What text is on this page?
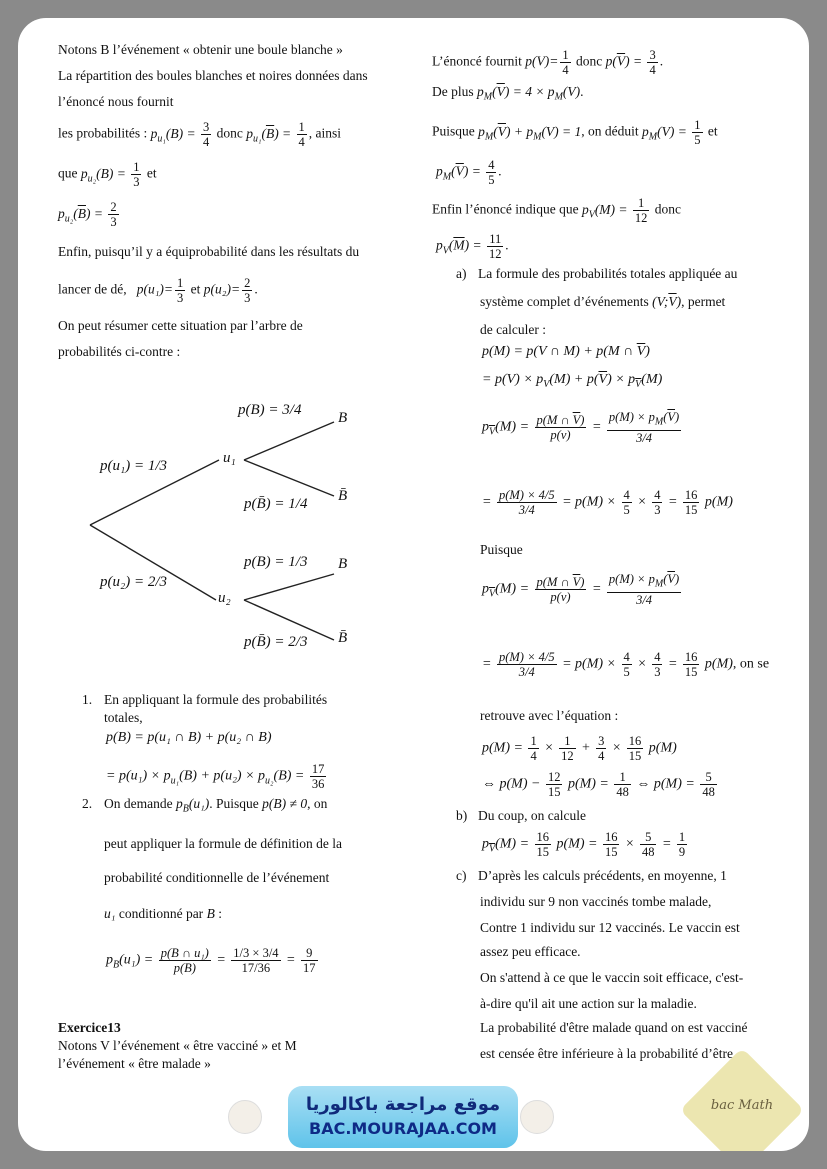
Notons B l’événement « obtenir une boule blanche »
La répartition des boules blanches et noires données dans
l’énoncé nous fournit
les probabilités : $p_{u_1}(B) = \frac{3}{4}$ donc $p_{u_1}(\overline{B}) = \frac{1}{4}$ , ainsi
que $p_{u_2}(B) = \frac{1}{3}$ et
$p_{u_2}(\overline{B}) = \frac{2}{3}$
Enfin, puisqu’il y a équiprobabilité dans les résultats du
lancer de dé, $p(u_1)= \frac{1}{3}$ et $p(u_2)= \frac{2}{3}$ .
On peut résumer cette situation par l’arbre de
probabilités ci-contre :
p(u₁) = 1/3
p(u₂) = 2/3
u₁
u₂
p(B) = 3/4
p(B̄) = 1/4
p(B) = 1/3
p(B̄) = 2/3
B
B̄
B
B̄
1. En appliquant la formule des probabilités
totales,
p(B) = p(u₁ ∩ B) + p(u₂ ∩ B)
= $p(u_1) \times p_{u_1}(B) + p(u_2) \times p_{u_2}(B) = \frac{17}{36}$
2. On demande $p_B(u_1)$. Puisque p(B) ≠ 0, on
peut appliquer la formule de définition de la
probabilité conditionnelle de l’événement
u₁ conditionné par B :
$p_B(u_1) = \frac{\text{p(B ∩ u₁)}}{p(B)} = \frac{1/3 \times 3/4}{17/36} = \frac{9}{17}$
Exercice13
Notons V l’événement « être vacciné » et M
l’événement « être malade »
L’énoncé fournit $p(V)= \frac{1}{4}$ donc $p(\overline{V}) = \frac{3}{4}$ .
De plus $p_M(\overline{V}) = 4 \times p_M(V)$.
Puisque $p_M(\overline{V}) + p_M(V) = 1$, on déduit $p_M(V) = \frac{1}{5}$ et
$p_M(\overline{V}) = \frac{4}{5}$ .
Enfin l’énoncé indique que $p_V(M) = \frac{1}{12}$ donc
$p_V(\overline{M}) = \frac{11}{12}$ .
a) La formule des probabilités totales appliquée au
système complet d’événements $(V;\overline{V})$, permet
de calculer :
p(M) = p(V ∩ M) + p(M ∩ $\overline{V}$)
= $p(V) \times p_V(M) + p(\overline{V}) \times p_{\overline{V}}(M)$
$p_{\overline{V}}(M) = \frac{p(M \cap \overline{V})}{p(\overline{v})} = \frac{p(M) \times p_M(\overline{V})}{3/4}$
= $\frac{p(M) \times 4/5}{3/4} = p(M) \times \frac{4}{5} \times \frac{4}{3} = \frac{16}{15} p(M)$
Puisque
$p_{\overline{V}}(M) = \frac{p(M \cap \overline{V})}{p(\overline{v})} = \frac{p(M) \times p_M(\overline{V})}{3/4}$
= $\frac{p(M) \times 4/5}{3/4} = p(M) \times \frac{4}{5} \times \frac{4}{3} = \frac{16}{15} p(M)$, on se
retrouve avec l’équation :
$p(M) = \frac{1}{4} \times \frac{1}{12} + \frac{3}{4} \times \frac{16}{15} p(M)$
⇔ $p(M) - \frac{12}{15} p(M) = \frac{1}{48}$ ⇔ $p(M) = \frac{5}{48}$
b) Du coup, on calcule
$p_{\overline{V}}(M) = \frac{16}{15} p(M) = \frac{16}{15} \times \frac{5}{48} = \frac{1}{9}$
c) D’après les calculs précédents, en moyenne, 1
individu sur 9 non vaccinés tombe malade,
Contre 1 individu sur 12 vaccinés. Le vaccin est
assez peu efficace.
On s'attend à ce que le vaccin soit efficace, c'est-
à-dire qu'il ait une action sur la maladie.
La probabilité d'être malade quand on est vacciné
est censée être inférieure à la probabilité d’être
موقع مراجعة باكالوريا
BAC.MOURAJAA.COM
bac Math
